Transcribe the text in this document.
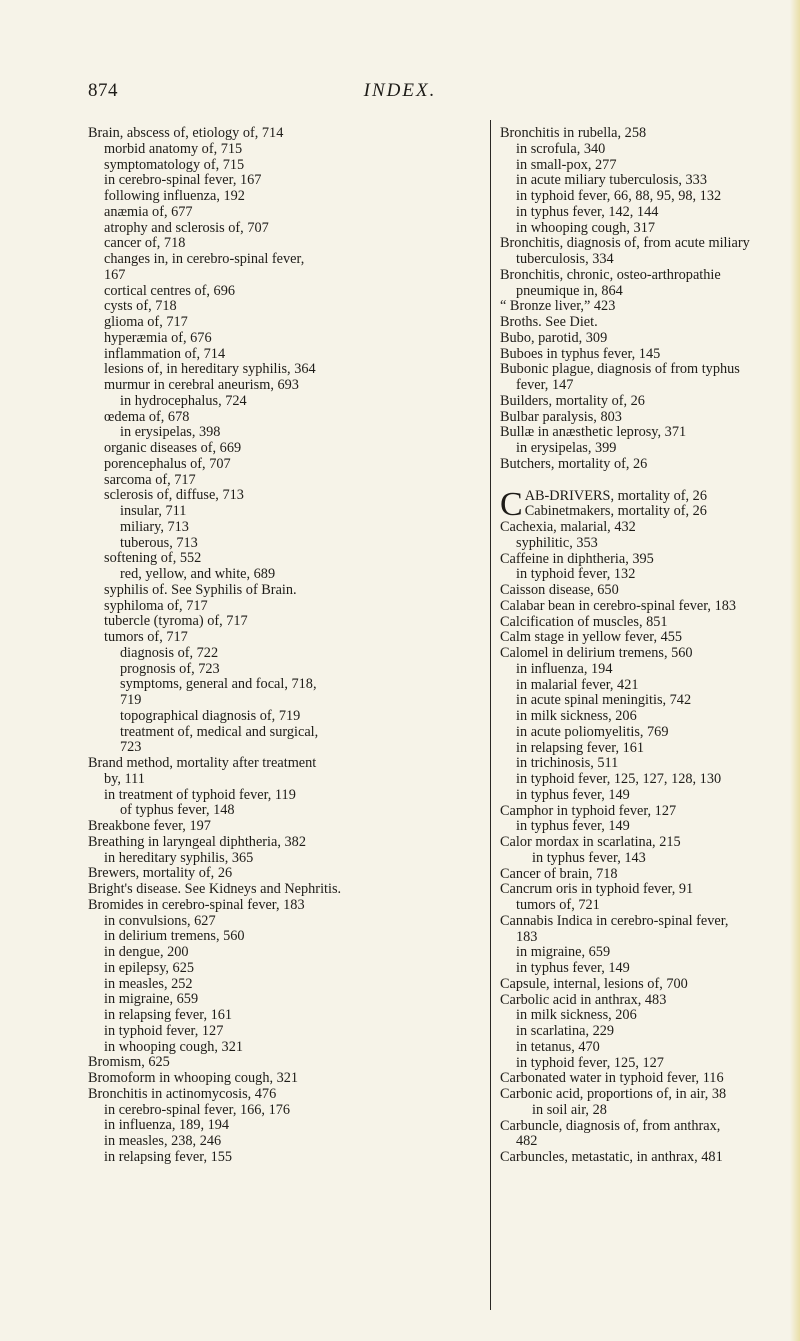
874	INDEX.
Brain, abscess of, etiology of, 714
morbid anatomy of, 715
symptomatology of, 715
in cerebro-spinal fever, 167
following influenza, 192
anæmia of, 677
atrophy and sclerosis of, 707
cancer of, 718
changes in, in cerebro-spinal fever,
167
cortical centres of, 696
cysts of, 718
glioma of, 717
hyperæmia of, 676
inflammation of, 714
lesions of, in hereditary syphilis, 364
murmur in cerebral aneurism, 693
in hydrocephalus, 724
œdema of, 678
in erysipelas, 398
organic diseases of, 669
porencephalus of, 707
sarcoma of, 717
sclerosis of, diffuse, 713
insular, 711
miliary, 713
tuberous, 713
softening of, 552
red, yellow, and white, 689
syphilis of. See Syphilis of Brain.
syphiloma of, 717
tubercle (tyroma) of, 717
tumors of, 717
diagnosis of, 722
prognosis of, 723
symptoms, general and focal, 718,
719
topographical diagnosis of, 719
treatment of, medical and surgical,
723
Brand method, mortality after treatment
by, 111
in treatment of typhoid fever, 119
of typhus fever, 148
Breakbone fever, 197
Breathing in laryngeal diphtheria, 382
in hereditary syphilis, 365
Brewers, mortality of, 26
Bright's disease. See Kidneys and Nephritis.
Bromides in cerebro-spinal fever, 183
in convulsions, 627
in delirium tremens, 560
in dengue, 200
in epilepsy, 625
in measles, 252
in migraine, 659
in relapsing fever, 161
in typhoid fever, 127
in whooping cough, 321
Bromism, 625
Bromoform in whooping cough, 321
Bronchitis in actinomycosis, 476
in cerebro-spinal fever, 166, 176
in influenza, 189, 194
in measles, 238, 246
in relapsing fever, 155
Bronchitis in rubella, 258
in scrofula, 340
in small-pox, 277
in acute miliary tuberculosis, 333
in typhoid fever, 66, 88, 95, 98, 132
in typhus fever, 142, 144
in whooping cough, 317
Bronchitis, diagnosis of, from acute miliary
tuberculosis, 334
Bronchitis, chronic, osteo-arthropathie
pneumique in, 864
“ Bronze liver,” 423
Broths. See Diet.
Bubo, parotid, 309
Buboes in typhus fever, 145
Bubonic plague, diagnosis of from typhus
fever, 147
Builders, mortality of, 26
Bulbar paralysis, 803
Bullæ in anæsthetic leprosy, 371
in erysipelas, 399
Butchers, mortality of, 26
CAB-DRIVERS, mortality of, 26
Cabinetmakers, mortality of, 26
Cachexia, malarial, 432
syphilitic, 353
Caffeine in diphtheria, 395
in typhoid fever, 132
Caisson disease, 650
Calabar bean in cerebro-spinal fever, 183
Calcification of muscles, 851
Calm stage in yellow fever, 455
Calomel in delirium tremens, 560
in influenza, 194
in malarial fever, 421
in acute spinal meningitis, 742
in milk sickness, 206
in acute poliomyelitis, 769
in relapsing fever, 161
in trichinosis, 511
in typhoid fever, 125, 127, 128, 130
in typhus fever, 149
Camphor in typhoid fever, 127
in typhus fever, 149
Calor mordax in scarlatina, 215
in typhus fever, 143
Cancer of brain, 718
Cancrum oris in typhoid fever, 91
tumors of, 721
Cannabis Indica in cerebro-spinal fever,
183
in migraine, 659
in typhus fever, 149
Capsule, internal, lesions of, 700
Carbolic acid in anthrax, 483
in milk sickness, 206
in scarlatina, 229
in tetanus, 470
in typhoid fever, 125, 127
Carbonated water in typhoid fever, 116
Carbonic acid, proportions of, in air, 38
in soil air, 28
Carbuncle, diagnosis of, from anthrax,
482
Carbuncles, metastatic, in anthrax, 481
